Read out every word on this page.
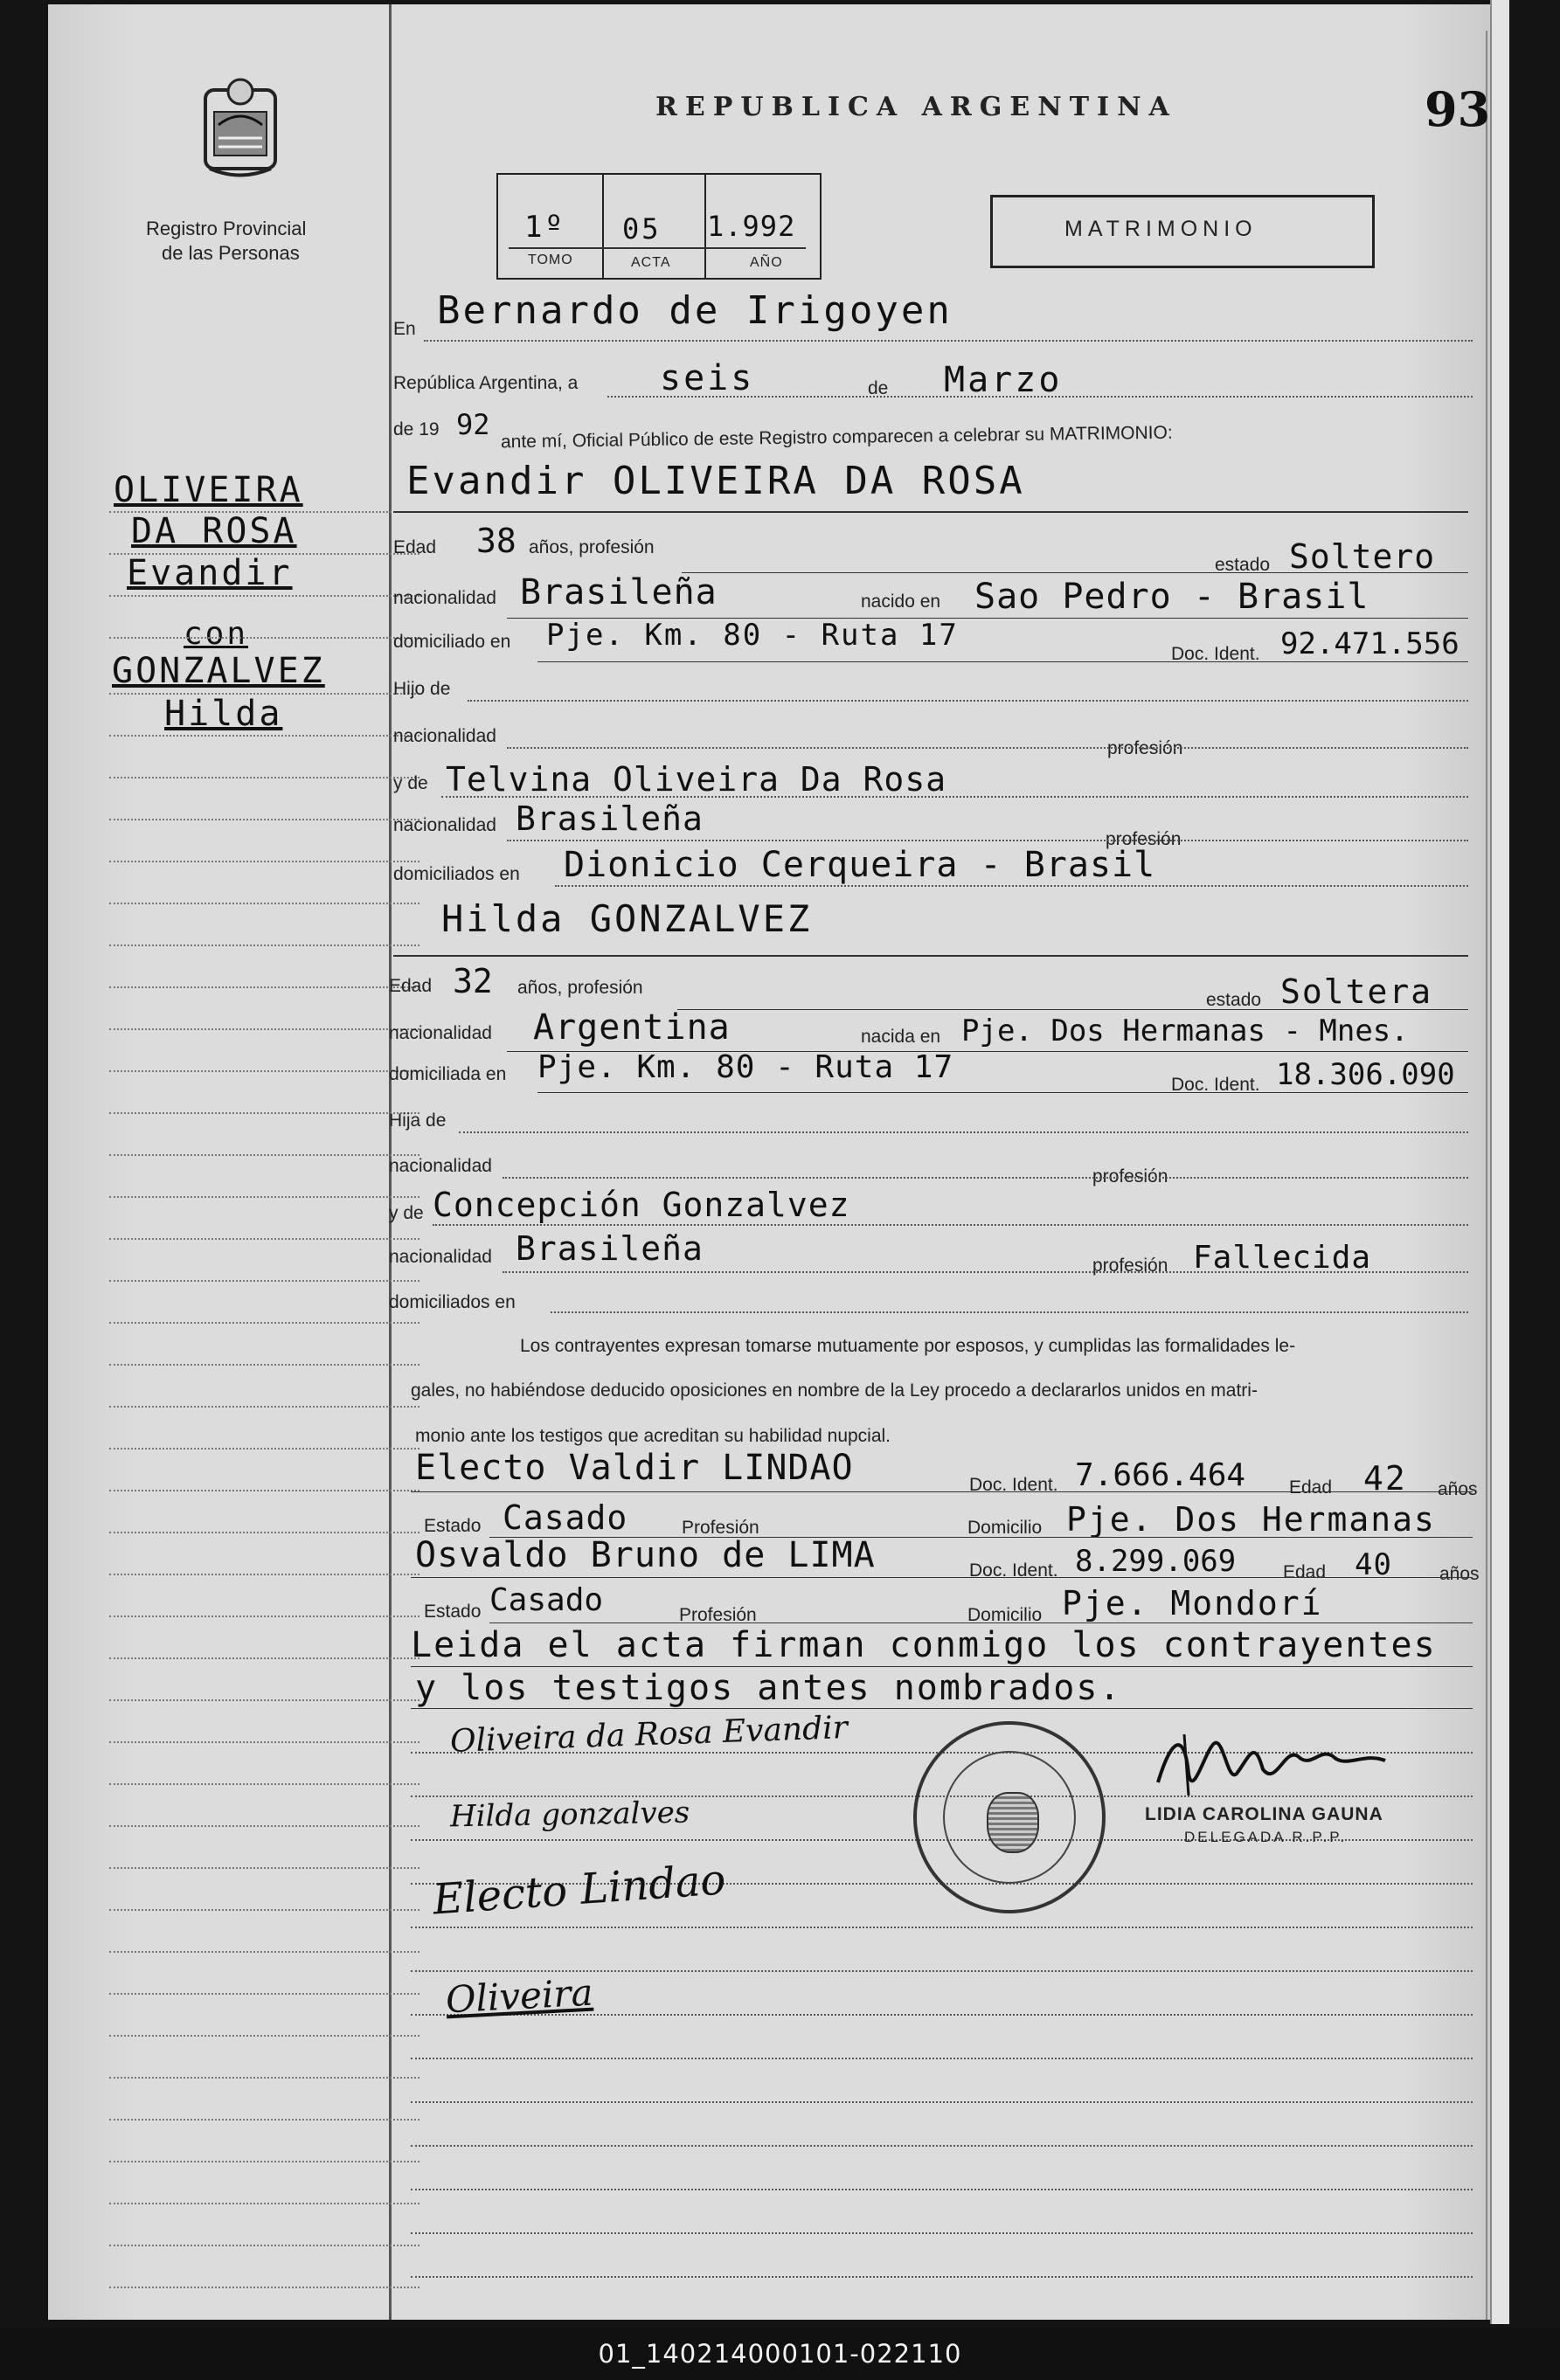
Registro Provincial
de las Personas
REPUBLICA ARGENTINA	93
MATRIMONIO
1º 05 1.992
TOMO	ACTA	AÑO
OLIVEIRA
DA ROSA
Evandir
con
GONZALVEZ
Hilda
En Bernardo de Irigoyen
República Argentina, a seis	de Marzo
de 19 92 ante mí, Oficial Público de este Registro comparecen a celebrar su MATRIMONIO:
Evandir OLIVEIRA DA ROSA
Edad 38 años, profesión
estado Soltero
nacionalidad Brasileña	nacido en Sao Pedro - Brasil
domiciliado en Pje. Km. 80 - Ruta 17
Doc. Ident. 92.471.556
Hijo de
nacionalidad
profesión
y de Telvina Oliveira Da Rosa
nacionalidad Brasileña
profesión
domiciliados en Dionicio Cerqueira - Brasil
Hilda GONZALVEZ
Edad 32 años, profesión
estado Soltera
nacionalidad Argentina	nacida en Pje. Dos Hermanas - Mnes.
domiciliada en Pje. Km. 80 - Ruta 17	Doc. Ident. 18.306.090
Hija de
nacionalidad
profesión
y de Concepción Gonzalvez
nacionalidad Brasileña	profesión Fallecida
domiciliados en
Los contrayentes expresan tomarse mutuamente por esposos, y cumplidas las formalidades le-
gales, no habiéndose deducido oposiciones en nombre de la Ley procedo a declararlos unidos en matri-
monio ante los testigos que acreditan su habilidad nupcial.
Electo Valdir LINDAO	Doc. Ident. 7.666.464 Edad 42 años
Estado Casado	Profesión	Domicilio Pje. Dos Hermanas
Osvaldo Bruno de LIMA	Doc. Ident. 8.299.069	Edad 40	años
Estado Casado	Profesión	Domicilio Pje. Mondorí
Leida el acta firman conmigo los contrayentes
y los testigos antes nombrados.
Oliveira da Rosa Evandir
Hilda gonzalves
Electo Lindao
Oliveira
LIDIA CAROLINA GAUNA
DELEGADA R.P.P.
01_140214000101-022110
